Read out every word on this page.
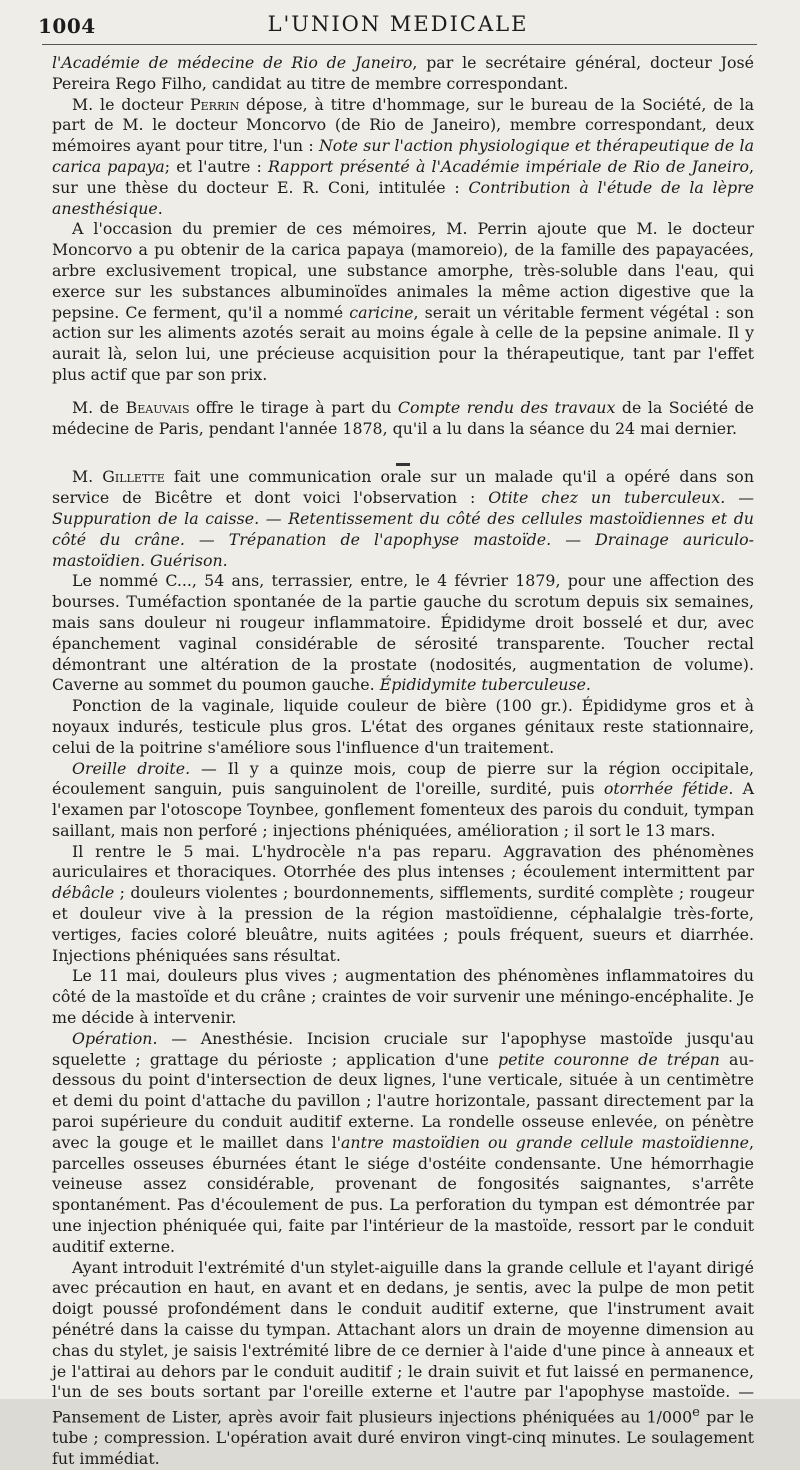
1004	L'UNION MEDICALE

l'Académie de médecine de Rio de Janeiro, par le secrétaire général, docteur José Pereira Rego Filho, candidat au titre de membre correspondant.

M. le docteur Perrin dépose, à titre d'hommage, sur le bureau de la Société, de la part de M. le docteur Moncorvo (de Rio de Janeiro), membre correspondant, deux mémoires ayant pour titre, l'un : Note sur l'action physiologique et thérapeutique de la carica papaya; et l'autre : Rapport présenté à l'Académie impériale de Rio de Janeiro, sur une thèse du docteur E. R. Coni, intitulée : Contribution à l'étude de la lèpre anesthésique.

A l'occasion du premier de ces mémoires, M. Perrin ajoute que M. le docteur Moncorvo a pu obtenir de la carica papaya (mamoreio), de la famille des papayacées, arbre exclusivement tropical, une substance amorphe, très-soluble dans l'eau, qui exerce sur les substances albuminoïdes animales la même action digestive que la pepsine. Ce ferment, qu'il a nommé caricine, serait un véritable ferment végétal : son action sur les aliments azotés serait au moins égale à celle de la pepsine animale. Il y aurait là, selon lui, une précieuse acquisition pour la thérapeutique, tant par l'effet plus actif que par son prix.

M. de Beauvais offre le tirage à part du Compte rendu des travaux de la Société de médecine de Paris, pendant l'année 1878, qu'il a lu dans la séance du 24 mai dernier.

M. Gillette fait une communication orale sur un malade qu'il a opéré dans son service de Bicêtre et dont voici l'observation : Otite chez un tuberculeux. — Suppuration de la caisse. — Retentissement du côté des cellules mastoïdiennes et du côté du crâne. — Trépanation de l'apophyse mastoïde. — Drainage auriculo-mastoïdien. Guérison.

Le nommé C..., 54 ans, terrassier, entre, le 4 février 1879, pour une affection des bourses. Tuméfaction spontanée de la partie gauche du scrotum depuis six semaines, mais sans douleur ni rougeur inflammatoire. Épididyme droit bosselé et dur, avec épanchement vaginal considérable de sérosité transparente. Toucher rectal démontrant une altération de la prostate (nodosités, augmentation de volume). Caverne au sommet du poumon gauche. Épididymite tuberculeuse.

Ponction de la vaginale, liquide couleur de bière (100 gr.). Épididyme gros et à noyaux indurés, testicule plus gros. L'état des organes génitaux reste stationnaire, celui de la poitrine s'améliore sous l'influence d'un traitement.

Oreille droite. — Il y a quinze mois, coup de pierre sur la région occipitale, écoulement sanguin, puis sanguinolent de l'oreille, surdité, puis otorrhée fétide. A l'examen par l'otoscope Toynbee, gonflement fomenteux des parois du conduit, tympan saillant, mais non perforé ; injections phéniquées, amélioration ; il sort le 13 mars.

Il rentre le 5 mai. L'hydrocèle n'a pas reparu. Aggravation des phénomènes auriculaires et thoraciques. Otorrhée des plus intenses ; écoulement intermittent par débâcle ; douleurs violentes ; bourdonnements, sifflements, surdité complète ; rougeur et douleur vive à la pression de la région mastoïdienne, céphalalgie très-forte, vertiges, facies coloré bleuâtre, nuits agitées ; pouls fréquent, sueurs et diarrhée. Injections phéniquées sans résultat.

Le 11 mai, douleurs plus vives ; augmentation des phénomènes inflammatoires du côté de la mastoïde et du crâne ; craintes de voir survenir une méningo-encéphalite. Je me décide à intervenir.

Opération. — Anesthésie. Incision cruciale sur l'apophyse mastoïde jusqu'au squelette ; grattage du périoste ; application d'une petite couronne de trépan au-dessous du point d'intersection de deux lignes, l'une verticale, située à un centimètre et demi du point d'attache du pavillon ; l'autre horizontale, passant directement par la paroi supérieure du conduit auditif externe. La rondelle osseuse enlevée, on pénètre avec la gouge et le maillet dans l'antre mastoïdien ou grande cellule mastoïdienne, parcelles osseuses éburnées étant le siége d'ostéite condensante. Une hémorrhagie veineuse assez considérable, provenant de fongosités saignantes, s'arrête spontanément. Pas d'écoulement de pus. La perforation du tympan est démontrée par une injection phéniquée qui, faite par l'intérieur de la mastoïde, ressort par le conduit auditif externe.

Ayant introduit l'extrémité d'un stylet-aiguille dans la grande cellule et l'ayant dirigé avec précaution en haut, en avant et en dedans, je sentis, avec la pulpe de mon petit doigt poussé profondément dans le conduit auditif externe, que l'instrument avait pénétré dans la caisse du tympan. Attachant alors un drain de moyenne dimension au chas du stylet, je saisis l'extrémité libre de ce dernier à l'aide d'une pince à anneaux et je l'attirai au dehors par le conduit auditif ; le drain suivit et fut laissé en permanence, l'un de ses bouts sortant par l'oreille externe et l'autre par l'apophyse mastoïde. — Pansement de Lister, après avoir fait plusieurs injections phéniquées au 1/000e par le tube ; compression. L'opération avait duré environ vingt-cinq minutes. Le soulagement fut immédiat.
